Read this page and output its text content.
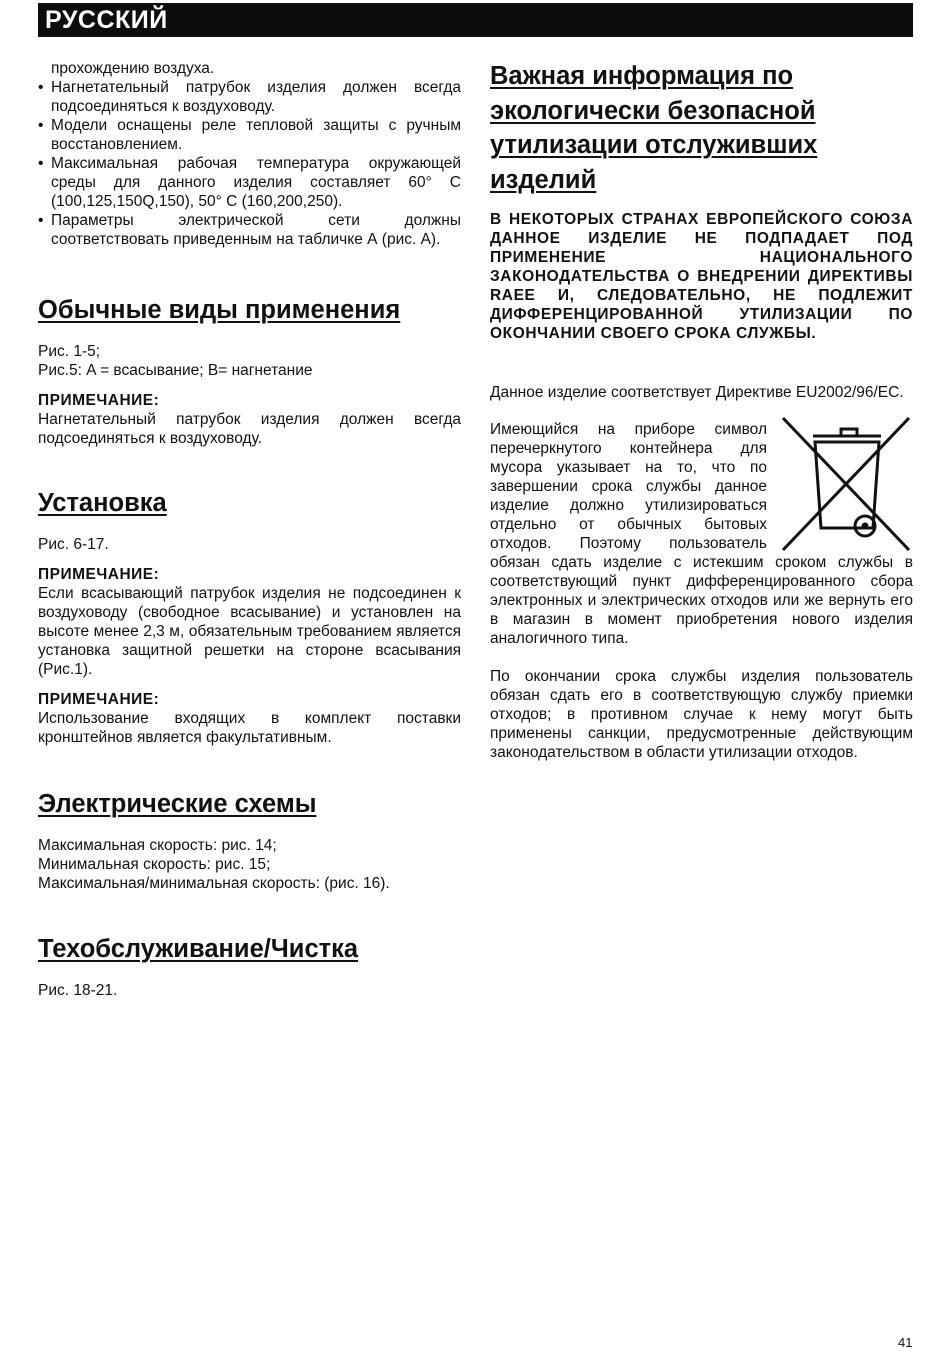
РУССКИЙ

прохождению воздуха.

• Нагнетательный патрубок изделия должен всегда подсоединяться к воздуховоду.
• Модели оснащены реле тепловой защиты с ручным восстановлением.
• Максимальная рабочая температура окружающей среды для данного изделия составляет 60° С (100,125,150Q,150), 50° С (160,200,250).
• Параметры электрической сети должны соответствовать приведенным на табличке А (рис. А).
Обычные виды применения

Рис. 1-5;

Рис.5: A = всасывание; B= нагнетание

ПРИМЕЧАНИЕ:

Нагнетательный патрубок изделия должен всегда подсоединяться к воздуховоду.

Установка

Рис. 6-17.

ПРИМЕЧАНИЕ:

Если всасывающий патрубок изделия не подсоединен к воздуховоду (свободное всасывание) и установлен на высоте менее 2,3 м, обязательным требованием является установка защитной решетки на стороне всасывания (Рис.1).

ПРИМЕЧАНИЕ:

Использование входящих в комплект поставки кронштейнов является факультативным.

Электрические схемы

Максимальная скорость: рис. 14;

Минимальная скорость: рис. 15;

Максимальная/минимальная скорость: (рис. 16).

Техобслуживание/Чистка

Рис. 18-21.

Важная информация по экологически безопасной утилизации отслуживших изделий

В НЕКОТОРЫХ СТРАНАХ ЕВРОПЕЙСКОГО СОЮЗА ДАННОЕ ИЗДЕЛИЕ НЕ ПОДПАДАЕТ ПОД ПРИМЕНЕНИЕ НАЦИОНАЛЬНОГО ЗАКОНОДАТЕЛЬСТВА О ВНЕДРЕНИИ ДИРЕКТИВЫ RAEE И, СЛЕДОВАТЕЛЬНО, НЕ ПОДЛЕЖИТ ДИФФЕРЕНЦИРОВАННОЙ УТИЛИЗАЦИИ ПО ОКОНЧАНИИ СВОЕГО СРОКА СЛУЖБЫ.

Данное изделие соответствует Директиве EU2002/96/EC.

Имеющийся на приборе символ перечеркнутого контейнера для мусора указывает на то, что по завершении срока службы данное изделие должно утилизироваться отдельно от обычных бытовых отходов. Поэтому пользователь обязан сдать изделие с истекшим сроком службы в соответствующий пункт дифференцированного сбора электронных и электрических отходов или же вернуть его в магазин в момент приобретения нового изделия аналогичного типа.

По окончании срока службы изделия пользователь обязан сдать его в соответствующую службу приемки отходов; в противном случае к нему могут быть применены санкции, предусмотренные действующим законодательством в области утилизации отходов.

41
